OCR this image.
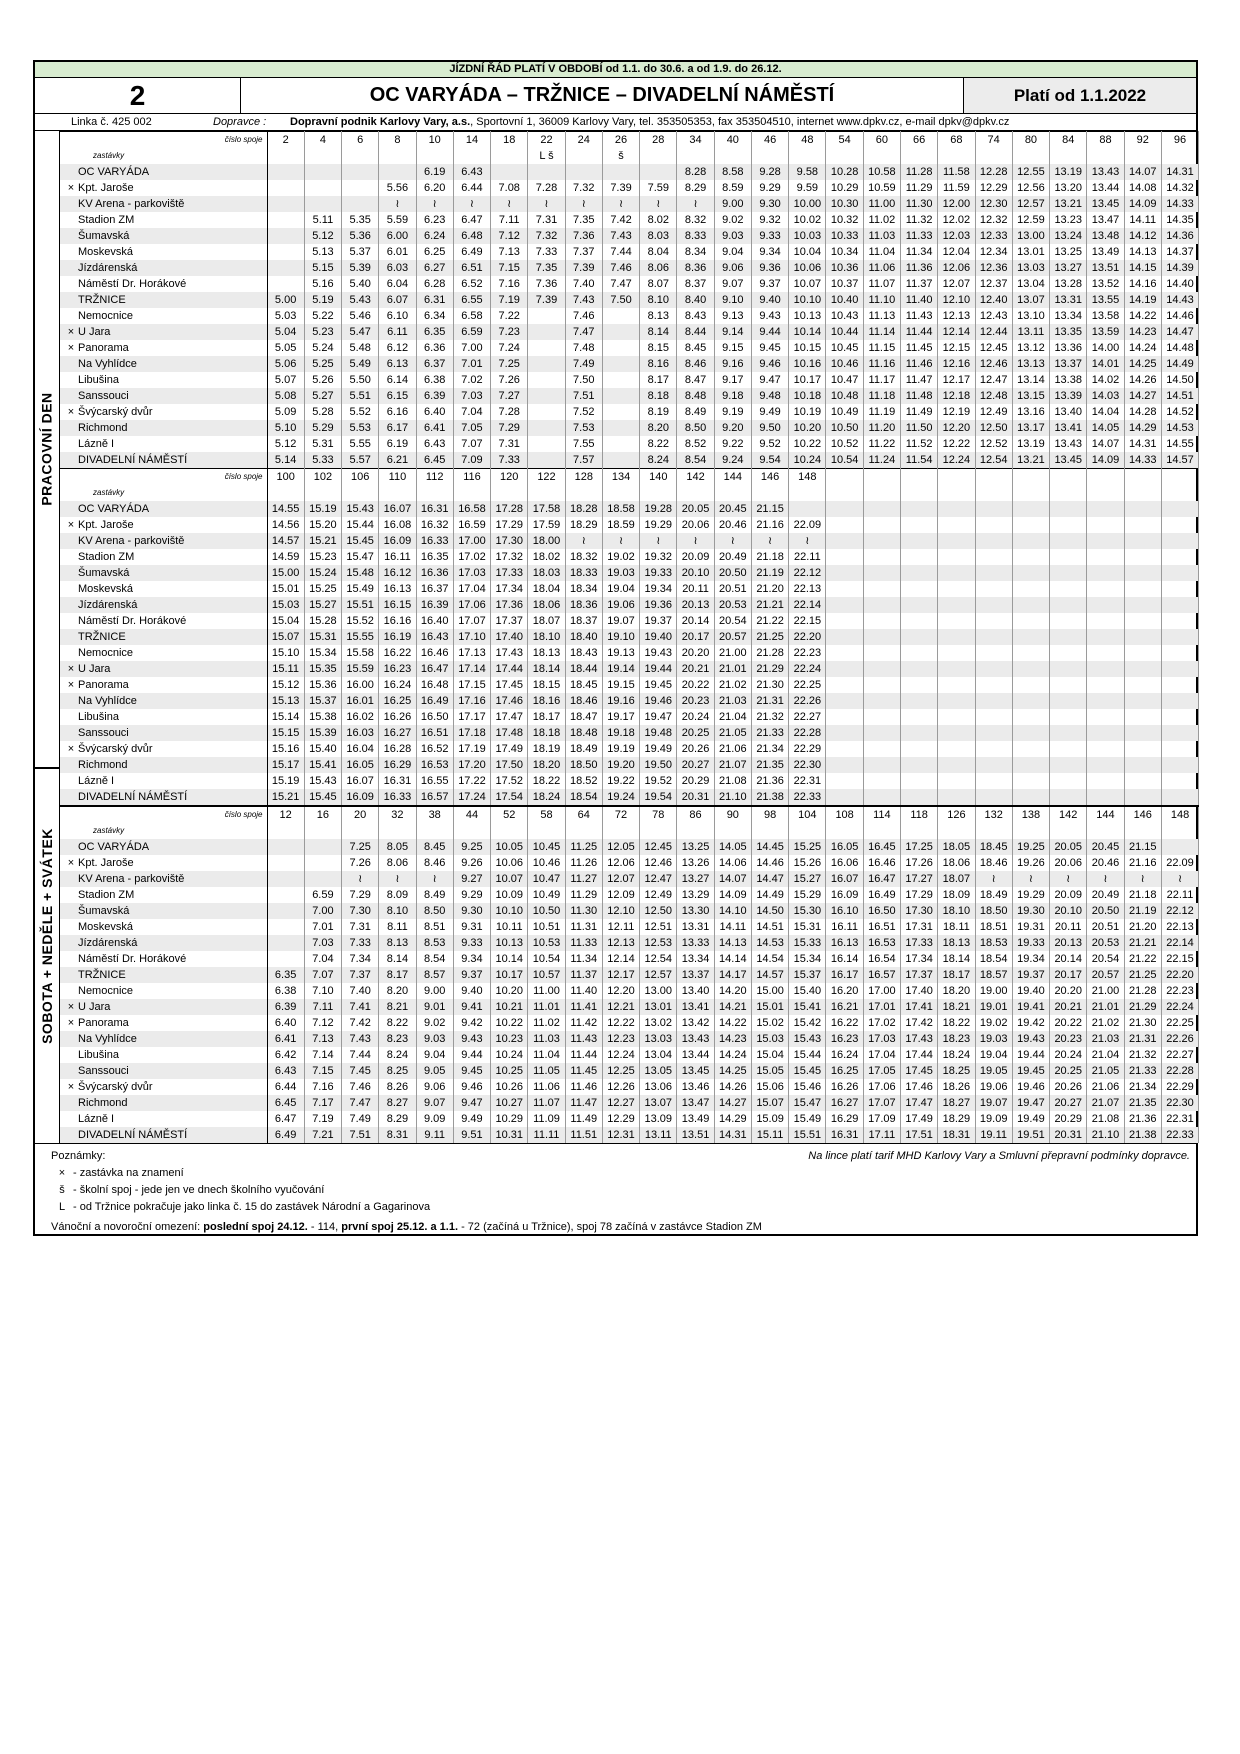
JÍZDNÍ ŘÁD PLATÍ V OBDOBÍ od 1.1. do 30.6. a od 1.9. do 26.12.
2	OC VARYÁDA – TRŽNICE – DIVADELNÍ NÁMĚSTÍ	Platí od 1.1.2022
Linka č. 425 002	Dopravce :	Dopravní podnik Karlovy Vary, a.s. , Sportovní 1, 36009 Karlovy Vary, tel. 353505353, fax 353504510, internet www.dpkv.cz, e-mail dpkv@dpkv.cz
PRACOVNÍ DEN
SOBOTA + NEDĚLE + SVÁTEK
číslo spoje	2	4	6	8	10	14	18	22	24	26	28	34	40	46	48	54	60	66	68	74	80	84	88	92	96
zastávky								L š		š															
OC VARYÁDA					6.19	6.43						8.28	8.58	9.28	9.58	10.28	10.58	11.28	11.58	12.28	12.55	13.19	13.43	14.07	14.31
× Kpt. Jaroše				5.56	6.20	6.44	7.08	7.28	7.32	7.39	7.59	8.29	8.59	9.29	9.59	10.29	10.59	11.29	11.59	12.29	12.56	13.20	13.44	14.08	14.32
KV Arena - parkoviště				≀	≀	≀	≀	≀	≀	≀	≀	≀	9.00	9.30	10.00	10.30	11.00	11.30	12.00	12.30	12.57	13.21	13.45	14.09	14.33
Stadion ZM		5.11	5.35	5.59	6.23	6.47	7.11	7.31	7.35	7.42	8.02	8.32	9.02	9.32	10.02	10.32	11.02	11.32	12.02	12.32	12.59	13.23	13.47	14.11	14.35
Šumavská		5.12	5.36	6.00	6.24	6.48	7.12	7.32	7.36	7.43	8.03	8.33	9.03	9.33	10.03	10.33	11.03	11.33	12.03	12.33	13.00	13.24	13.48	14.12	14.36
Moskevská		5.13	5.37	6.01	6.25	6.49	7.13	7.33	7.37	7.44	8.04	8.34	9.04	9.34	10.04	10.34	11.04	11.34	12.04	12.34	13.01	13.25	13.49	14.13	14.37
Jízdárenská		5.15	5.39	6.03	6.27	6.51	7.15	7.35	7.39	7.46	8.06	8.36	9.06	9.36	10.06	10.36	11.06	11.36	12.06	12.36	13.03	13.27	13.51	14.15	14.39
Náměstí Dr. Horákové		5.16	5.40	6.04	6.28	6.52	7.16	7.36	7.40	7.47	8.07	8.37	9.07	9.37	10.07	10.37	11.07	11.37	12.07	12.37	13.04	13.28	13.52	14.16	14.40
TRŽNICE	5.00	5.19	5.43	6.07	6.31	6.55	7.19	7.39	7.43	7.50	8.10	8.40	9.10	9.40	10.10	10.40	11.10	11.40	12.10	12.40	13.07	13.31	13.55	14.19	14.43
Nemocnice	5.03	5.22	5.46	6.10	6.34	6.58	7.22		7.46		8.13	8.43	9.13	9.43	10.13	10.43	11.13	11.43	12.13	12.43	13.10	13.34	13.58	14.22	14.46
× U Jara	5.04	5.23	5.47	6.11	6.35	6.59	7.23		7.47		8.14	8.44	9.14	9.44	10.14	10.44	11.14	11.44	12.14	12.44	13.11	13.35	13.59	14.23	14.47
× Panorama	5.05	5.24	5.48	6.12	6.36	7.00	7.24		7.48		8.15	8.45	9.15	9.45	10.15	10.45	11.15	11.45	12.15	12.45	13.12	13.36	14.00	14.24	14.48
Na Vyhlídce	5.06	5.25	5.49	6.13	6.37	7.01	7.25		7.49		8.16	8.46	9.16	9.46	10.16	10.46	11.16	11.46	12.16	12.46	13.13	13.37	14.01	14.25	14.49
Libušina	5.07	5.26	5.50	6.14	6.38	7.02	7.26		7.50		8.17	8.47	9.17	9.47	10.17	10.47	11.17	11.47	12.17	12.47	13.14	13.38	14.02	14.26	14.50
Sanssouci	5.08	5.27	5.51	6.15	6.39	7.03	7.27		7.51		8.18	8.48	9.18	9.48	10.18	10.48	11.18	11.48	12.18	12.48	13.15	13.39	14.03	14.27	14.51
× Švýcarský dvůr	5.09	5.28	5.52	6.16	6.40	7.04	7.28		7.52		8.19	8.49	9.19	9.49	10.19	10.49	11.19	11.49	12.19	12.49	13.16	13.40	14.04	14.28	14.52
Richmond	5.10	5.29	5.53	6.17	6.41	7.05	7.29		7.53		8.20	8.50	9.20	9.50	10.20	10.50	11.20	11.50	12.20	12.50	13.17	13.41	14.05	14.29	14.53
Lázně I	5.12	5.31	5.55	6.19	6.43	7.07	7.31		7.55		8.22	8.52	9.22	9.52	10.22	10.52	11.22	11.52	12.22	12.52	13.19	13.43	14.07	14.31	14.55
DIVADELNÍ NÁMĚSTÍ	5.14	5.33	5.57	6.21	6.45	7.09	7.33		7.57		8.24	8.54	9.24	9.54	10.24	10.54	11.24	11.54	12.24	12.54	13.21	13.45	14.09	14.33	14.57
číslo spoje	100	102	106	110	112	116	120	122	128	134	140	142	144	146	148										
zastávky																									
OC VARYÁDA	14.55	15.19	15.43	16.07	16.31	16.58	17.28	17.58	18.28	18.58	19.28	20.05	20.45	21.15											
× Kpt. Jaroše	14.56	15.20	15.44	16.08	16.32	16.59	17.29	17.59	18.29	18.59	19.29	20.06	20.46	21.16	22.09										
KV Arena - parkoviště	14.57	15.21	15.45	16.09	16.33	17.00	17.30	18.00	≀	≀	≀	≀	≀	≀	≀										
Stadion ZM	14.59	15.23	15.47	16.11	16.35	17.02	17.32	18.02	18.32	19.02	19.32	20.09	20.49	21.18	22.11										
Šumavská	15.00	15.24	15.48	16.12	16.36	17.03	17.33	18.03	18.33	19.03	19.33	20.10	20.50	21.19	22.12										
Moskevská	15.01	15.25	15.49	16.13	16.37	17.04	17.34	18.04	18.34	19.04	19.34	20.11	20.51	21.20	22.13										
Jízdárenská	15.03	15.27	15.51	16.15	16.39	17.06	17.36	18.06	18.36	19.06	19.36	20.13	20.53	21.21	22.14										
Náměstí Dr. Horákové	15.04	15.28	15.52	16.16	16.40	17.07	17.37	18.07	18.37	19.07	19.37	20.14	20.54	21.22	22.15										
TRŽNICE	15.07	15.31	15.55	16.19	16.43	17.10	17.40	18.10	18.40	19.10	19.40	20.17	20.57	21.25	22.20										
Nemocnice	15.10	15.34	15.58	16.22	16.46	17.13	17.43	18.13	18.43	19.13	19.43	20.20	21.00	21.28	22.23										
× U Jara	15.11	15.35	15.59	16.23	16.47	17.14	17.44	18.14	18.44	19.14	19.44	20.21	21.01	21.29	22.24										
× Panorama	15.12	15.36	16.00	16.24	16.48	17.15	17.45	18.15	18.45	19.15	19.45	20.22	21.02	21.30	22.25										
Na Vyhlídce	15.13	15.37	16.01	16.25	16.49	17.16	17.46	18.16	18.46	19.16	19.46	20.23	21.03	21.31	22.26										
Libušina	15.14	15.38	16.02	16.26	16.50	17.17	17.47	18.17	18.47	19.17	19.47	20.24	21.04	21.32	22.27										
Sanssouci	15.15	15.39	16.03	16.27	16.51	17.18	17.48	18.18	18.48	19.18	19.48	20.25	21.05	21.33	22.28										
× Švýcarský dvůr	15.16	15.40	16.04	16.28	16.52	17.19	17.49	18.19	18.49	19.19	19.49	20.26	21.06	21.34	22.29										
Richmond	15.17	15.41	16.05	16.29	16.53	17.20	17.50	18.20	18.50	19.20	19.50	20.27	21.07	21.35	22.30										
Lázně I	15.19	15.43	16.07	16.31	16.55	17.22	17.52	18.22	18.52	19.22	19.52	20.29	21.08	21.36	22.31										
DIVADELNÍ NÁMĚSTÍ	15.21	15.45	16.09	16.33	16.57	17.24	17.54	18.24	18.54	19.24	19.54	20.31	21.10	21.38	22.33										
číslo spoje	12	16	20	32	38	44	52	58	64	72	78	86	90	98	104	108	114	118	126	132	138	142	144	146	148
zastávky																									
OC VARYÁDA			7.25	8.05	8.45	9.25	10.05	10.45	11.25	12.05	12.45	13.25	14.05	14.45	15.25	16.05	16.45	17.25	18.05	18.45	19.25	20.05	20.45	21.15	
× Kpt. Jaroše			7.26	8.06	8.46	9.26	10.06	10.46	11.26	12.06	12.46	13.26	14.06	14.46	15.26	16.06	16.46	17.26	18.06	18.46	19.26	20.06	20.46	21.16	22.09
KV Arena - parkoviště			≀	≀	≀	9.27	10.07	10.47	11.27	12.07	12.47	13.27	14.07	14.47	15.27	16.07	16.47	17.27	18.07	≀	≀	≀	≀	≀	≀
Stadion ZM		6.59	7.29	8.09	8.49	9.29	10.09	10.49	11.29	12.09	12.49	13.29	14.09	14.49	15.29	16.09	16.49	17.29	18.09	18.49	19.29	20.09	20.49	21.18	22.11
Šumavská		7.00	7.30	8.10	8.50	9.30	10.10	10.50	11.30	12.10	12.50	13.30	14.10	14.50	15.30	16.10	16.50	17.30	18.10	18.50	19.30	20.10	20.50	21.19	22.12
Moskevská		7.01	7.31	8.11	8.51	9.31	10.11	10.51	11.31	12.11	12.51	13.31	14.11	14.51	15.31	16.11	16.51	17.31	18.11	18.51	19.31	20.11	20.51	21.20	22.13
Jízdárenská		7.03	7.33	8.13	8.53	9.33	10.13	10.53	11.33	12.13	12.53	13.33	14.13	14.53	15.33	16.13	16.53	17.33	18.13	18.53	19.33	20.13	20.53	21.21	22.14
Náměstí Dr. Horákové		7.04	7.34	8.14	8.54	9.34	10.14	10.54	11.34	12.14	12.54	13.34	14.14	14.54	15.34	16.14	16.54	17.34	18.14	18.54	19.34	20.14	20.54	21.22	22.15
TRŽNICE	6.35	7.07	7.37	8.17	8.57	9.37	10.17	10.57	11.37	12.17	12.57	13.37	14.17	14.57	15.37	16.17	16.57	17.37	18.17	18.57	19.37	20.17	20.57	21.25	22.20
Nemocnice	6.38	7.10	7.40	8.20	9.00	9.40	10.20	11.00	11.40	12.20	13.00	13.40	14.20	15.00	15.40	16.20	17.00	17.40	18.20	19.00	19.40	20.20	21.00	21.28	22.23
× U Jara	6.39	7.11	7.41	8.21	9.01	9.41	10.21	11.01	11.41	12.21	13.01	13.41	14.21	15.01	15.41	16.21	17.01	17.41	18.21	19.01	19.41	20.21	21.01	21.29	22.24
× Panorama	6.40	7.12	7.42	8.22	9.02	9.42	10.22	11.02	11.42	12.22	13.02	13.42	14.22	15.02	15.42	16.22	17.02	17.42	18.22	19.02	19.42	20.22	21.02	21.30	22.25
Na Vyhlídce	6.41	7.13	7.43	8.23	9.03	9.43	10.23	11.03	11.43	12.23	13.03	13.43	14.23	15.03	15.43	16.23	17.03	17.43	18.23	19.03	19.43	20.23	21.03	21.31	22.26
Libušina	6.42	7.14	7.44	8.24	9.04	9.44	10.24	11.04	11.44	12.24	13.04	13.44	14.24	15.04	15.44	16.24	17.04	17.44	18.24	19.04	19.44	20.24	21.04	21.32	22.27
Sanssouci	6.43	7.15	7.45	8.25	9.05	9.45	10.25	11.05	11.45	12.25	13.05	13.45	14.25	15.05	15.45	16.25	17.05	17.45	18.25	19.05	19.45	20.25	21.05	21.33	22.28
× Švýcarský dvůr	6.44	7.16	7.46	8.26	9.06	9.46	10.26	11.06	11.46	12.26	13.06	13.46	14.26	15.06	15.46	16.26	17.06	17.46	18.26	19.06	19.46	20.26	21.06	21.34	22.29
Richmond	6.45	7.17	7.47	8.27	9.07	9.47	10.27	11.07	11.47	12.27	13.07	13.47	14.27	15.07	15.47	16.27	17.07	17.47	18.27	19.07	19.47	20.27	21.07	21.35	22.30
Lázně I	6.47	7.19	7.49	8.29	9.09	9.49	10.29	11.09	11.49	12.29	13.09	13.49	14.29	15.09	15.49	16.29	17.09	17.49	18.29	19.09	19.49	20.29	21.08	21.36	22.31
DIVADELNÍ NÁMĚSTÍ	6.49	7.21	7.51	8.31	9.11	9.51	10.31	11.11	11.51	12.31	13.11	13.51	14.31	15.11	15.51	16.31	17.11	17.51	18.31	19.11	19.51	20.31	21.10	21.38	22.33
Poznámky:	Na lince platí tarif MHD Karlovy Vary a Smluvní přepravní podmínky dopravce.
× - zastávka na znamení
š - školní spoj - jede jen ve dnech školního vyučování
L - od Tržnice pokračuje jako linka č. 15 do zastávek Národní a Gagarinova
Vánoční a novoroční omezení: poslední spoj 24.12. - 114, první spoj 25.12. a 1.1. - 72 (začíná u Tržnice), spoj 78 začíná v zastávce Stadion ZM
